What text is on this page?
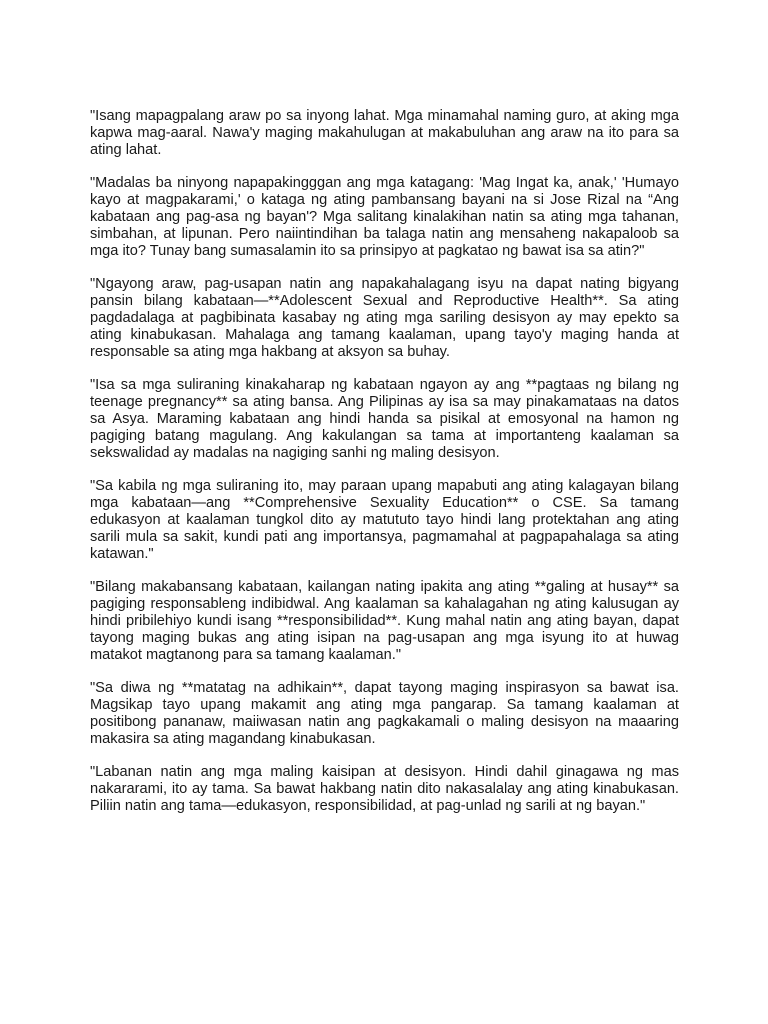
"Isang mapagpalang araw po sa inyong lahat. Mga minamahal naming guro, at aking mga kapwa mag-aaral. Nawa'y maging makahulugan at makabuluhan ang araw na ito para sa ating lahat.

"Madalas ba ninyong napapakingggan ang mga katagang: 'Mag Ingat ka, anak,' 'Humayo kayo at magpakarami,' o kataga ng ating pambansang bayani na si Jose Rizal na “Ang kabataan ang pag-asa ng bayan'? Mga salitang kinalakihan natin sa ating mga tahanan, simbahan, at lipunan. Pero naiintindihan ba talaga natin ang mensaheng nakapaloob sa mga ito? Tunay bang sumasalamin ito sa prinsipyo at pagkatao ng bawat isa sa atin?"

"Ngayong araw, pag-usapan natin ang napakahalagang isyu na dapat nating bigyang pansin bilang kabataan—**Adolescent Sexual and Reproductive Health**. Sa ating pagdadalaga at pagbibinata kasabay ng ating mga sariling desisyon ay may epekto sa ating kinabukasan. Mahalaga ang tamang kaalaman, upang tayo'y maging handa at responsable sa ating mga hakbang at aksyon sa buhay.

"Isa sa mga suliraning kinakaharap ng kabataan ngayon ay ang **pagtaas ng bilang ng teenage pregnancy** sa ating bansa. Ang Pilipinas ay isa sa may pinakamataas na datos sa Asya. Maraming kabataan ang hindi handa sa pisikal at emosyonal na hamon ng pagiging batang magulang. Ang kakulangan sa tama at importanteng kaalaman sa sekswalidad ay madalas na nagiging sanhi ng maling desisyon.

"Sa kabila ng mga suliraning ito, may paraan upang mapabuti ang ating kalagayan bilang mga kabataan—ang **Comprehensive Sexuality Education** o CSE. Sa tamang edukasyon at kaalaman tungkol dito ay matututo tayo hindi lang protektahan ang ating sarili mula sa sakit, kundi pati ang importansya, pagmamahal at pagpapahalaga sa ating katawan."

"Bilang makabansang kabataan, kailangan nating ipakita ang ating **galing at husay** sa pagiging responsableng indibidwal. Ang kaalaman sa kahalagahan ng ating kalusugan ay hindi pribilehiyo kundi isang **responsibilidad**. Kung mahal natin ang ating bayan, dapat tayong maging bukas ang ating isipan na pag-usapan ang mga isyung ito at huwag matakot magtanong para sa tamang kaalaman."

"Sa diwa ng **matatag na adhikain**, dapat tayong maging inspirasyon sa bawat isa. Magsikap tayo upang makamit ang ating mga pangarap. Sa tamang kaalaman at positibong pananaw, maiiwasan natin ang pagkakamali o maling desisyon na maaaring makasira sa ating magandang kinabukasan.

"Labanan natin ang mga maling kaisipan at desisyon. Hindi dahil ginagawa ng mas nakararami, ito ay tama. Sa bawat hakbang natin dito nakasalalay ang ating kinabukasan. Piliin natin ang tama—edukasyon, responsibilidad, at pag-unlad ng sarili at ng bayan."
